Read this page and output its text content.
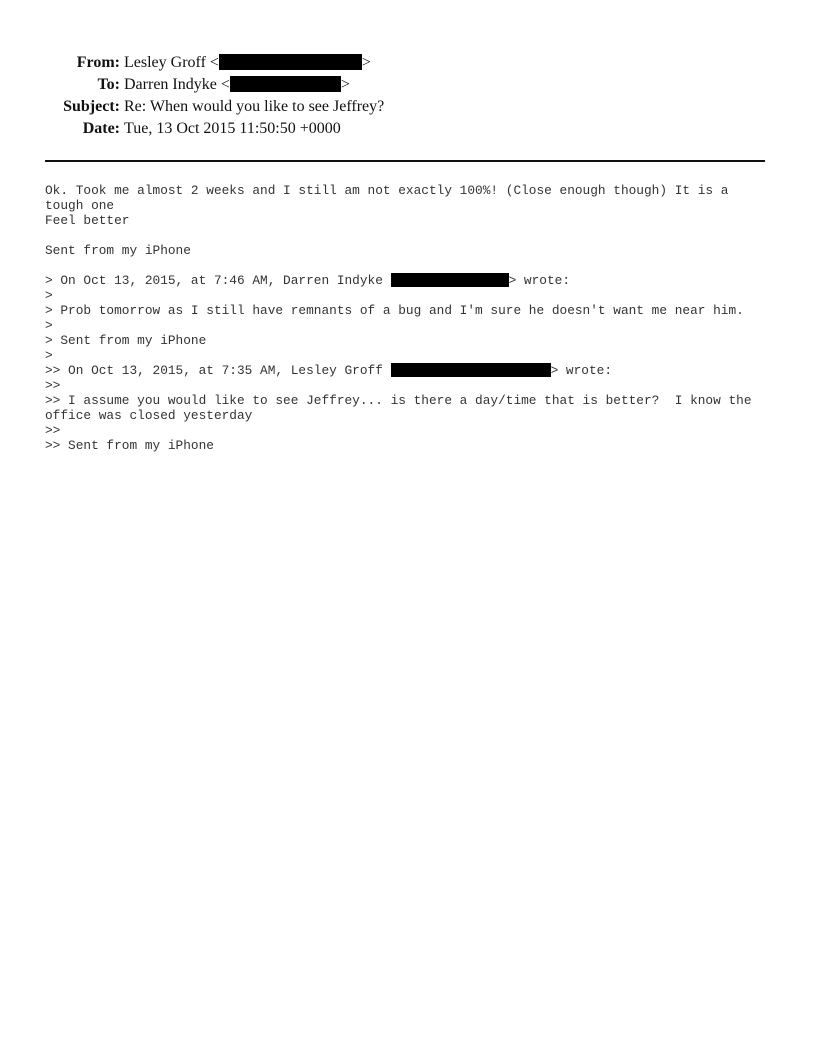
From: Lesley Groff <	>
To: Darren Indyke <	>
Subject: Re: When would you like to see Jeffrey?
Date: Tue, 13 Oct 2015 11:50:50 +0000
Ok. Took me almost 2 weeks and I still am not exactly 100%! (Close enough though) It is a tough one
Feel better
Sent from my iPhone
> On Oct 13, 2015, at 7:46 AM, Darren Indyke	> wrote:
>
> Prob tomorrow as I still have remnants of a bug and I'm sure he doesn't want me near him.
>
> Sent from my iPhone
>
>> On Oct 13, 2015, at 7:35 AM, Lesley Groff	> wrote:
>>
>> I assume you would like to see Jeffrey... is there a day/time that is better?  I know the office was closed yesterday
>>
>> Sent from my iPhone
